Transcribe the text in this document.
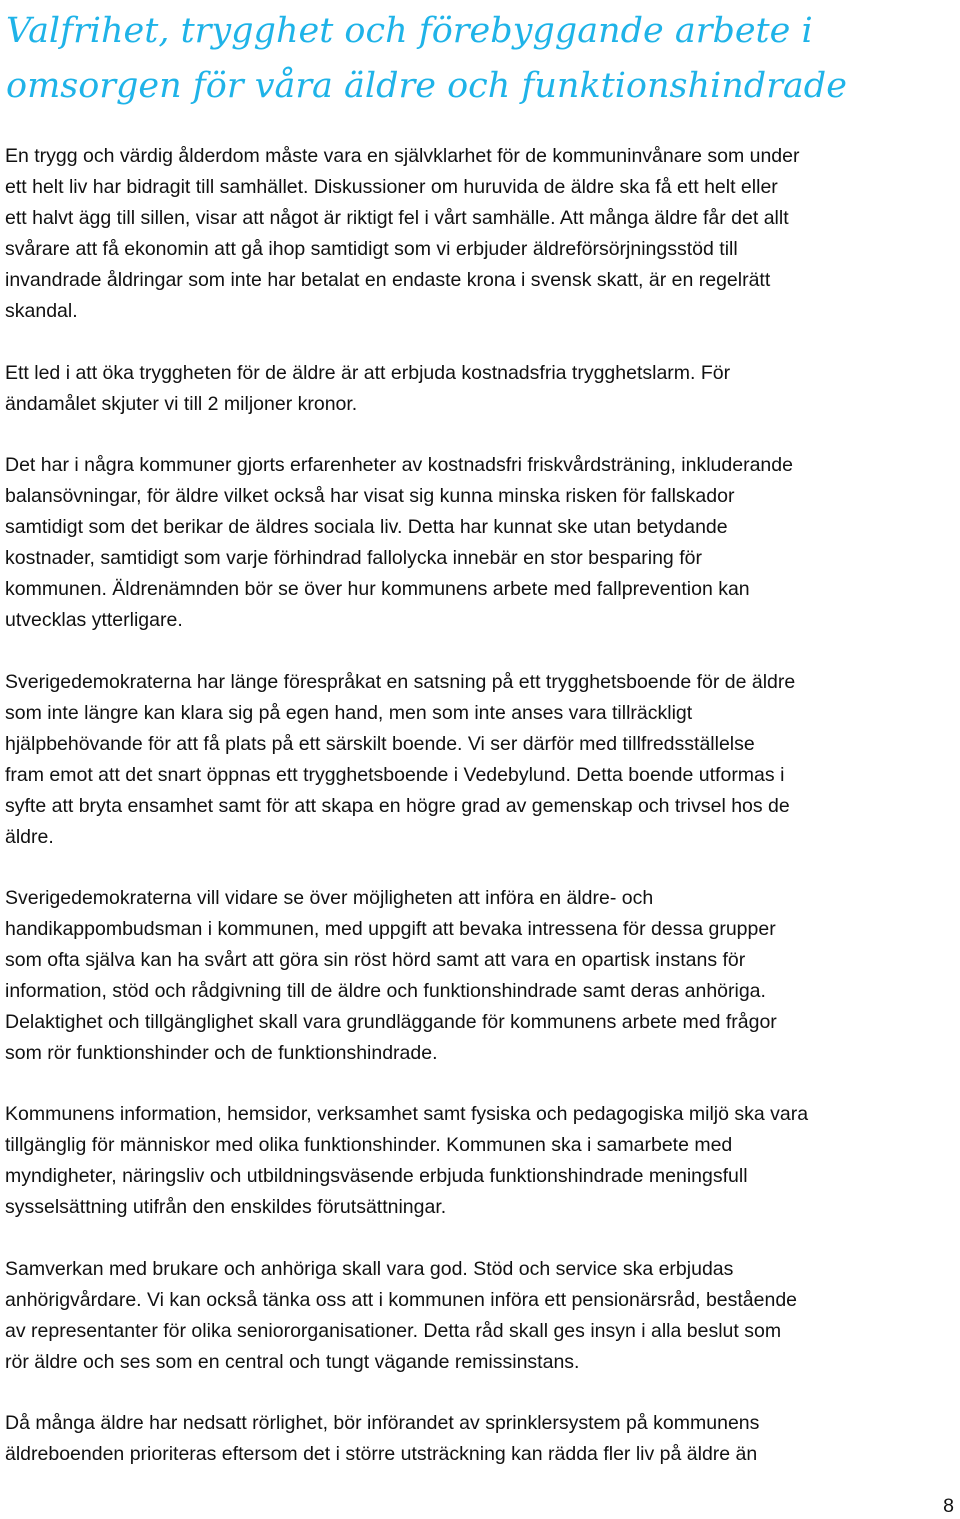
Valfrihet, trygghet och förebyggande arbete i
omsorgen för våra äldre och funktionshindrade

En trygg och värdig ålderdom måste vara en självklarhet för de kommuninvånare som under
ett helt liv har bidragit till samhället. Diskussioner om huruvida de äldre ska få ett helt eller
ett halvt ägg till sillen, visar att något är riktigt fel i vårt samhälle. Att många äldre får det allt
svårare att få ekonomin att gå ihop samtidigt som vi erbjuder äldreförsörjningsstöd till
invandrade åldringar som inte har betalat en endaste krona i svensk skatt, är en regelrätt
skandal.

Ett led i att öka tryggheten för de äldre är att erbjuda kostnadsfria trygghetslarm. För
ändamålet skjuter vi till 2 miljoner kronor.

Det har i några kommuner gjorts erfarenheter av kostnadsfri friskvårdsträning, inkluderande
balansövningar, för äldre vilket också har visat sig kunna minska risken för fallskador
samtidigt som det berikar de äldres sociala liv. Detta har kunnat ske utan betydande
kostnader, samtidigt som varje förhindrad fallolycka innebär en stor besparing för
kommunen. Äldrenämnden bör se över hur kommunens arbete med fallprevention kan
utvecklas ytterligare.

Sverigedemokraterna har länge förespråkat en satsning på ett trygghetsboende för de äldre
som inte längre kan klara sig på egen hand, men som inte anses vara tillräckligt
hjälpbehövande för att få plats på ett särskilt boende. Vi ser därför med tillfredsställelse
fram emot att det snart öppnas ett trygghetsboende i Vedebylund. Detta boende utformas i
syfte att bryta ensamhet samt för att skapa en högre grad av gemenskap och trivsel hos de
äldre.

Sverigedemokraterna vill vidare se över möjligheten att införa en äldre- och
handikappombudsman i kommunen, med uppgift att bevaka intressena för dessa grupper
som ofta själva kan ha svårt att göra sin röst hörd samt att vara en opartisk instans för
information, stöd och rådgivning till de äldre och funktionshindrade samt deras anhöriga.
Delaktighet och tillgänglighet skall vara grundläggande för kommunens arbete med frågor
som rör funktionshinder och de funktionshindrade.

Kommunens information, hemsidor, verksamhet samt fysiska och pedagogiska miljö ska vara
tillgänglig för människor med olika funktionshinder. Kommunen ska i samarbete med
myndigheter, näringsliv och utbildningsväsende erbjuda funktionshindrade meningsfull
sysselsättning utifrån den enskildes förutsättningar.

Samverkan med brukare och anhöriga skall vara god. Stöd och service ska erbjudas
anhörigvårdare. Vi kan också tänka oss att i kommunen införa ett pensionärsråd, bestående
av representanter för olika seniororganisationer. Detta råd skall ges insyn i alla beslut som
rör äldre och ses som en central och tungt vägande remissinstans.

Då många äldre har nedsatt rörlighet, bör införandet av sprinklersystem på kommunens
äldreboenden prioriteras eftersom det i större utsträckning kan rädda fler liv på äldre än

8
